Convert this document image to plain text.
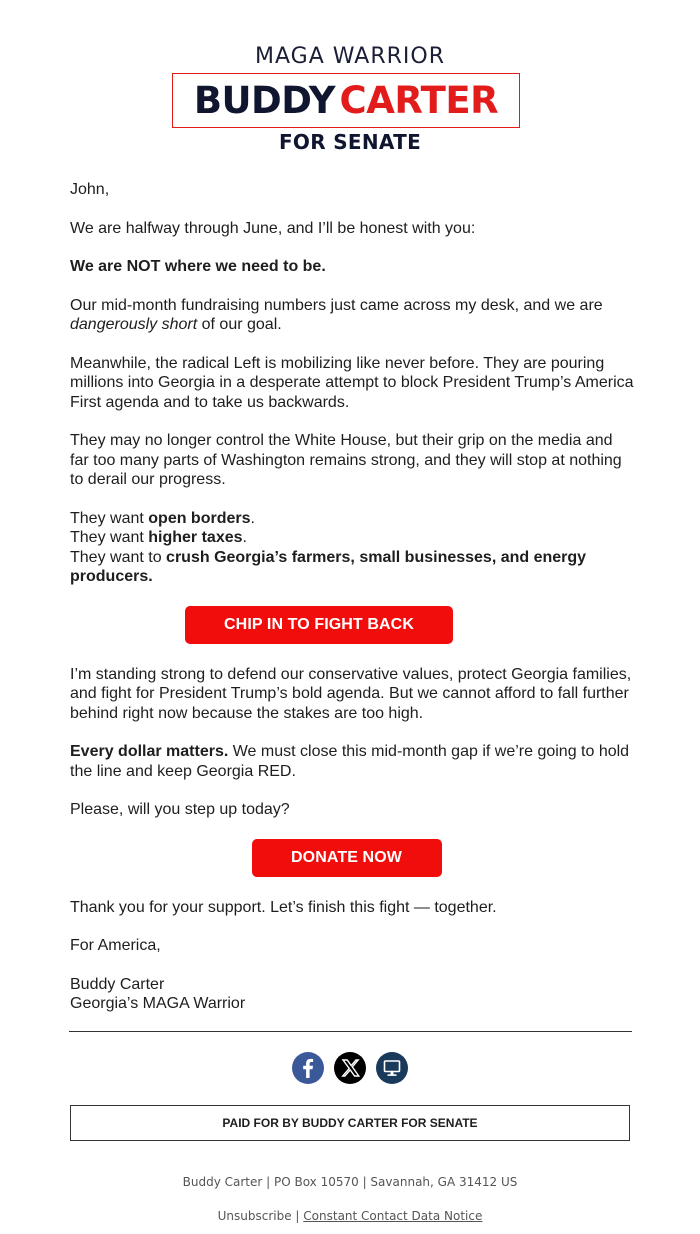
MAGA WARRIOR
BUDDY CARTER
FOR SENATE

John,

We are halfway through June, and I’ll be honest with you:

We are NOT where we need to be.

Our mid-month fundraising numbers just came across my desk, and we are dangerously short of our goal.

Meanwhile, the radical Left is mobilizing like never before. They are pouring millions into Georgia in a desperate attempt to block President Trump’s America First agenda and to take us backwards.

They may no longer control the White House, but their grip on the media and far too many parts of Washington remains strong, and they will stop at nothing to derail our progress.

They want open borders.
They want higher taxes.
They want to crush Georgia’s farmers, small businesses, and energy producers.

CHIP IN TO FIGHT BACK

I’m standing strong to defend our conservative values, protect Georgia families, and fight for President Trump’s bold agenda. But we cannot afford to fall further behind right now because the stakes are too high.

Every dollar matters. We must close this mid-month gap if we’re going to hold the line and keep Georgia RED.

Please, will you step up today?

DONATE NOW

Thank you for your support. Let’s finish this fight — together.

For America,

Buddy Carter
Georgia’s MAGA Warrior

PAID FOR BY BUDDY CARTER FOR SENATE
Buddy Carter | PO Box 10570 | Savannah, GA 31412 US
Unsubscribe | Constant Contact Data Notice
